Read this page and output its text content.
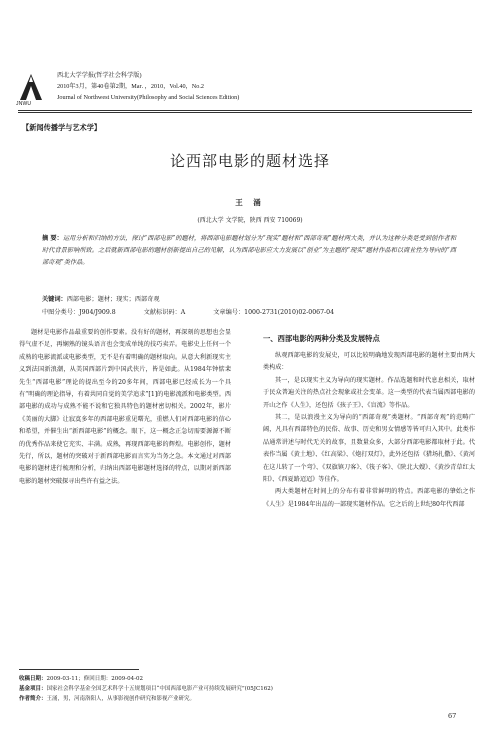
JNWU
西北大学学报(哲学社会科学版)
2010年3月，第40卷第2期，Mar．，2010，Vol.40，No.2
Journal of Northwest University(Philosophy and Social Sciences Edition)
【新闻传播学与艺术学】
论西部电影的题材选择
王 涌
(西北大学 文学院，陕西 西安 710069)
摘 要：运用分析和归纳的方法，探讨“西部电影”的题材，将西部电影题材划分为“现实”题材和“西部奇观”题材两大类，并认为这种分类是受到创作者和时代背景影响所致。之后就新西部电影的题材创新提出自己的见解，认为西部电影应大力发展以“创业”为主题的“现实”题材作品和以商业性为导向的“西部奇观”类作品。
关键词：西部电影；题材；现实；西部奇观
中图分类号：J904/J909.8	文献标识码：A	文章编号：1000-2731(2010)02-0067-04

题材是电影作品最重要的创作要素。没有好的题材，再深刻的思想也会显得气虚不足，再娴熟的镜头语言也会变成单纯的技巧卖弄。电影史上任何一个成熟的电影流派或电影类型，无不是有着明确的题材取向。从意大利新现实主义到法国新浪潮，从美国西部片到中国武侠片，皆是如此。从1984年钟惦棐先生“西部电影”理论的提出至今的20多年间，西部电影已经成长为一个具有“明确的理论指导，有着共同自觉的美学追求”[1]的电影流派和电影类型。西部电影的成功与成熟不能不说和它独具特色的题材密切相关。2002年，影片《美丽的大脚》让寂寞多年的西部电影重见曙光，重燃人们对西部电影的信心和希望，并催生出“新西部电影”的概念。眼下，这一概念正急切需要源源不断的优秀作品来使它充实、丰满。成熟，再现西部电影的辉煌。电影创作，题材先行，所以，题材的突破对于新西部电影而言实为当务之急。本文通过对西部电影的题材进行梳理和分析，归纳出西部电影题材选择的特点，以期对新西部电影的题材突破探寻出些许有益之法。

一、西部电影的两种分类及发展特点

纵观西部电影的发展史，可以比较明确地发现西部电影的题材主要由两大类构成：

其一，是以现实主义为导向的现实题材。作品选题和时代息息相关，取材于民众普遍关注的热点社会现象或社会变革。这一类型的代表当属西部电影的开山之作《人生》，还包括《孩子王》、《盲流》等作品。

其二，是以浪漫主义为导向的“西部奇观”类题材。“西部奇观”的范畴广阔，凡具有西部特色的民俗、故事、历史和男女情感等皆可归入其中。此类作品通常讲述与时代无关的故事，且数量众多，大部分西部电影都取材于此。代表作当属《黄土地》、《红高粱》、《炮打双灯》，此外还包括《猎场扎撒》、《黄河在这儿转了一个弯》、《双旗镇刀客》、《筏子客》、《陕北大嫂》、《黄沙青草红太阳》、《西夏路迢迢》等佳作。

两大类题材在时间上的分布有着非常鲜明的特点。西部电影的肇始之作《人生》是1984年出品的一部现实题材作品。它之后的上世纪80年代西部

收稿日期：2009-03-11；修回日期：2009-04-02
基金项目：国家社会科学基金全国艺术科学十五规划项目“中国西部电影产业可持续发展研究”(05JC162)
作者简介：王涌，男，河南洛阳人，从事影视创作研究和影视产业研究。
67
